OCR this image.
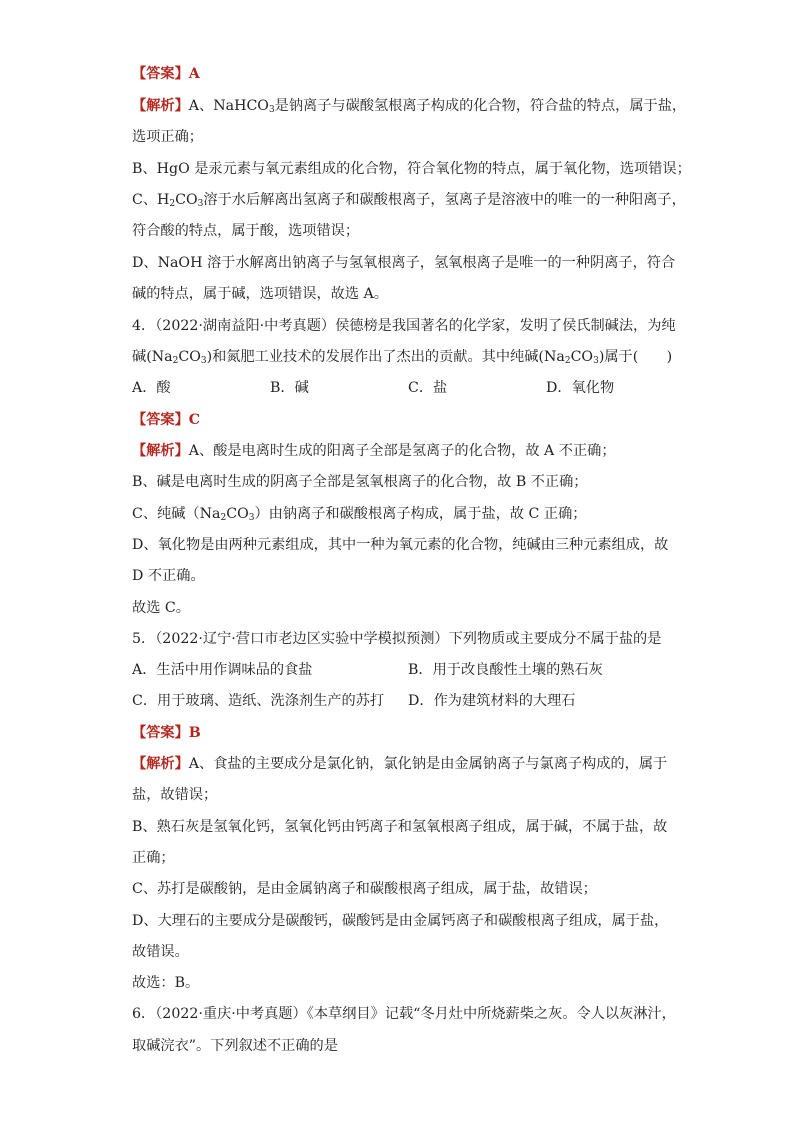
【答案】A
【解析】A、NaHCO$_3$是钠离子与碳酸氢根离子构成的化合物，符合盐的特点，属于盐，
选项正确；
B、HgO 是汞元素与氧元素组成的化合物，符合氧化物的特点，属于氧化物，选项错误；
C、$H_2CO_3$溶于水后解离出氢离子和碳酸根离子，氢离子是溶液中的唯一的一种阳离子，
符合酸的特点，属于酸，选项错误；
D、NaOH 溶于水解离出钠离子与氢氧根离子，氢氧根离子是唯一的一种阴离子，符合
碱的特点，属于碱，选项错误，故选 A。
4．（2022·湖南益阳·中考真题）侯德榜是我国著名的化学家，发明了侯氏制碱法，为纯
碱$(Na_2CO_3)$和氮肥工业技术的发展作出了杰出的贡献。其中纯碱$(Na_2CO_3)$属于(　　)
A．酸	B．碱	C．盐	D．氧化物
【答案】C
【解析】A、酸是电离时生成的阳离子全部是氢离子的化合物，故 A 不正确；
B、碱是电离时生成的阴离子全部是氢氧根离子的化合物，故 B 不正确；
C、纯碱$(Na_2CO_3)$由钠离子和碳酸根离子构成，属于盐，故 C 正确；
D、氧化物是由两种元素组成，其中一种为氧元素的化合物，纯碱由三种元素组成，故
D 不正确。
故选 C。
5．（2022·辽宁·营口市老边区实验中学模拟预测）下列物质或主要成分不属于盐的是
A．生活中用作调味品的食盐	B．用于改良酸性土壤的熟石灰
C．用于玻璃、造纸、洗涤剂生产的苏打 D．作为建筑材料的大理石
【答案】B
【解析】A、食盐的主要成分是氯化钠，氯化钠是由金属钠离子与氯离子构成的，属于
盐，故错误；
B、熟石灰是氢氧化钙，氢氧化钙由钙离子和氢氧根离子组成，属于碱，不属于盐，故
正确；
C、苏打是碳酸钠，是由金属钠离子和碳酸根离子组成，属于盐，故错误；
D、大理石的主要成分是碳酸钙，碳酸钙是由金属钙离子和碳酸根离子组成，属于盐，
故错误。
故选：B。
6．（2022·重庆·中考真题）《本草纲目》记载“冬月灶中所烧薪柴之灰。令人以灰淋汁，
取碱浣衣”。下列叙述不正确的是
